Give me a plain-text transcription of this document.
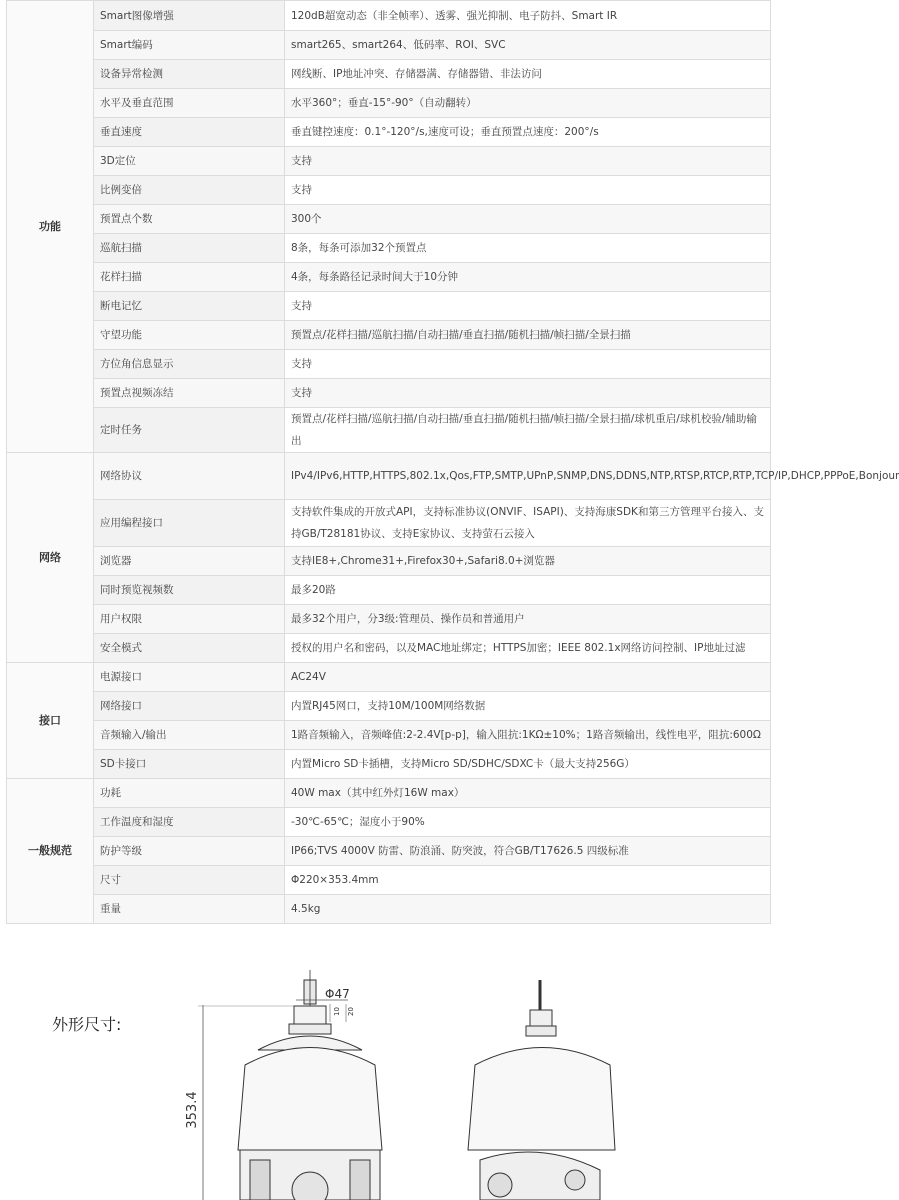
功能	Smart图像增强	120dB超宽动态（非全帧率）、透雾、强光抑制、电子防抖、Smart IR
	Smart编码	smart265、smart264、低码率、ROI、SVC
	设备异常检测	网线断、IP地址冲突、存储器满、存储器错、非法访问
	水平及垂直范围	水平360°；垂直-15°-90°（自动翻转）
	垂直速度	垂直键控速度：0.1°-120°/s,速度可设；垂直预置点速度：200°/s
	3D定位	支持
	比例变倍	支持
	预置点个数	300个
	巡航扫描	8条，每条可添加32个预置点
	花样扫描	4条，每条路径记录时间大于10分钟
	断电记忆	支持
	守望功能	预置点/花样扫描/巡航扫描/自动扫描/垂直扫描/随机扫描/帧扫描/全景扫描
	方位角信息显示	支持
	预置点视频冻结	支持
	定时任务	预置点/花样扫描/巡航扫描/自动扫描/垂直扫描/随机扫描/帧扫描/全景扫描/球机重启/球机校验/辅助输出
网络	网络协议	IPv4/IPv6,HTTP,HTTPS,802.1x,Qos,FTP,SMTP,UPnP,SNMP,DNS,DDNS,NTP,RTSP,RTCP,RTP,TCP/IP,DHCP,PPPoE,Bonjour
	应用编程接口	支持软件集成的开放式API，支持标准协议(ONVIF、ISAPI)、支持海康SDK和第三方管理平台接入、支持GB/T28181协议、支持E家协议、支持萤石云接入
	浏览器	支持IE8+,Chrome31+,Firefox30+,Safari8.0+浏览器
	同时预览视频数	最多20路
	用户权限	最多32个用户，分3级:管理员、操作员和普通用户
	安全模式	授权的用户名和密码，以及MAC地址绑定；HTTPS加密；IEEE 802.1x网络访问控制、IP地址过滤
接口	电源接口	AC24V
	网络接口	内置RJ45网口，支持10M/100M网络数据
	音频输入/输出	1路音频输入，音频峰值:2-2.4V[p-p]，输入阻抗:1KΩ±10%；1路音频输出，线性电平，阻抗:600Ω
	SD卡接口	内置Micro SD卡插槽，支持Micro SD/SDHC/SDXC卡（最大支持256G）
一般规范	功耗	40W max（其中红外灯16W max）
	工作温度和湿度	-30℃-65℃；湿度小于90%
	防护等级	IP66;TVS 4000V 防雷、防浪涌、防突波，符合GB/T17626.5 四级标准
	尺寸	Φ220×353.4mm
	重量	4.5kg
外形尺寸:
353.4
Φ47
10 20
